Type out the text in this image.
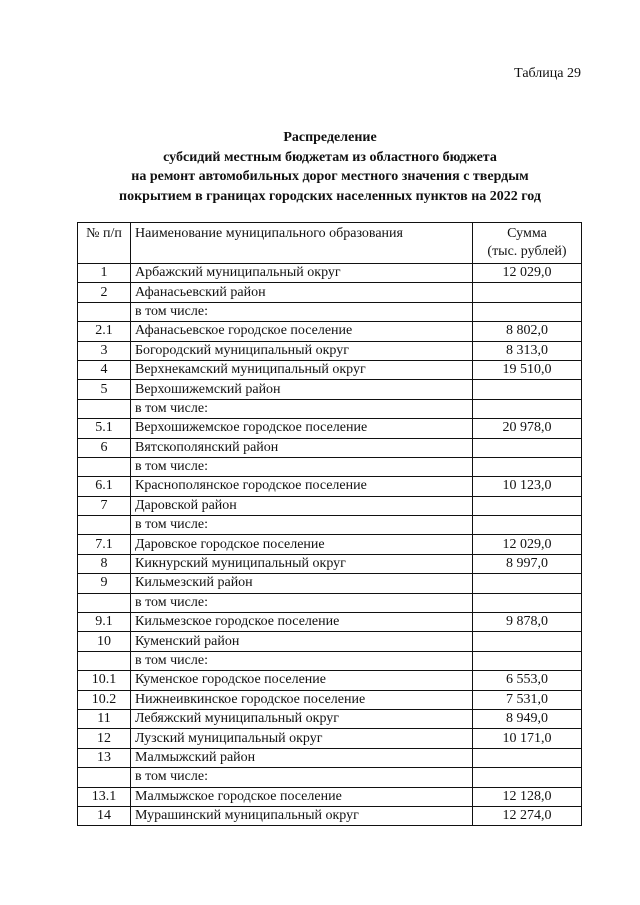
Таблица 29
Распределение
субсидий местным бюджетам из областного бюджета
на ремонт автомобильных дорог местного значения с твердым
покрытием в границах городских населенных пунктов на 2022 год
№ п/п	Наименование муниципального образования	Сумма
(тыс. рублей)

1	Арбажский муниципальный округ	12 029,0
2	Афанасьевский район	
	в том числе:	
2.1	Афанасьевское городское поселение	8 802,0
3	Богородский муниципальный округ	8 313,0
4	Верхнекамский муниципальный округ	19 510,0
5	Верхошижемский район	
	в том числе:	
5.1	Верхошижемское городское поселение	20 978,0
6	Вятскополянский район	
	в том числе:	
6.1	Краснополянское городское поселение	10 123,0
7	Даровской район	
	в том числе:	
7.1	Даровское городское поселение	12 029,0
8	Кикнурский муниципальный округ	8 997,0
9	Кильмезский район	
	в том числе:	
9.1	Кильмезское городское поселение	9 878,0
10	Куменский район	
	в том числе:	
10.1	Куменское городское поселение	6 553,0
10.2	Нижнеивкинское городское поселение	7 531,0
11	Лебяжский муниципальный округ	8 949,0
12	Лузский муниципальный округ	10 171,0
13	Малмыжский район	
	в том числе:	
13.1	Малмыжское городское поселение	12 128,0
14	Мурашинский муниципальный округ	12 274,0
